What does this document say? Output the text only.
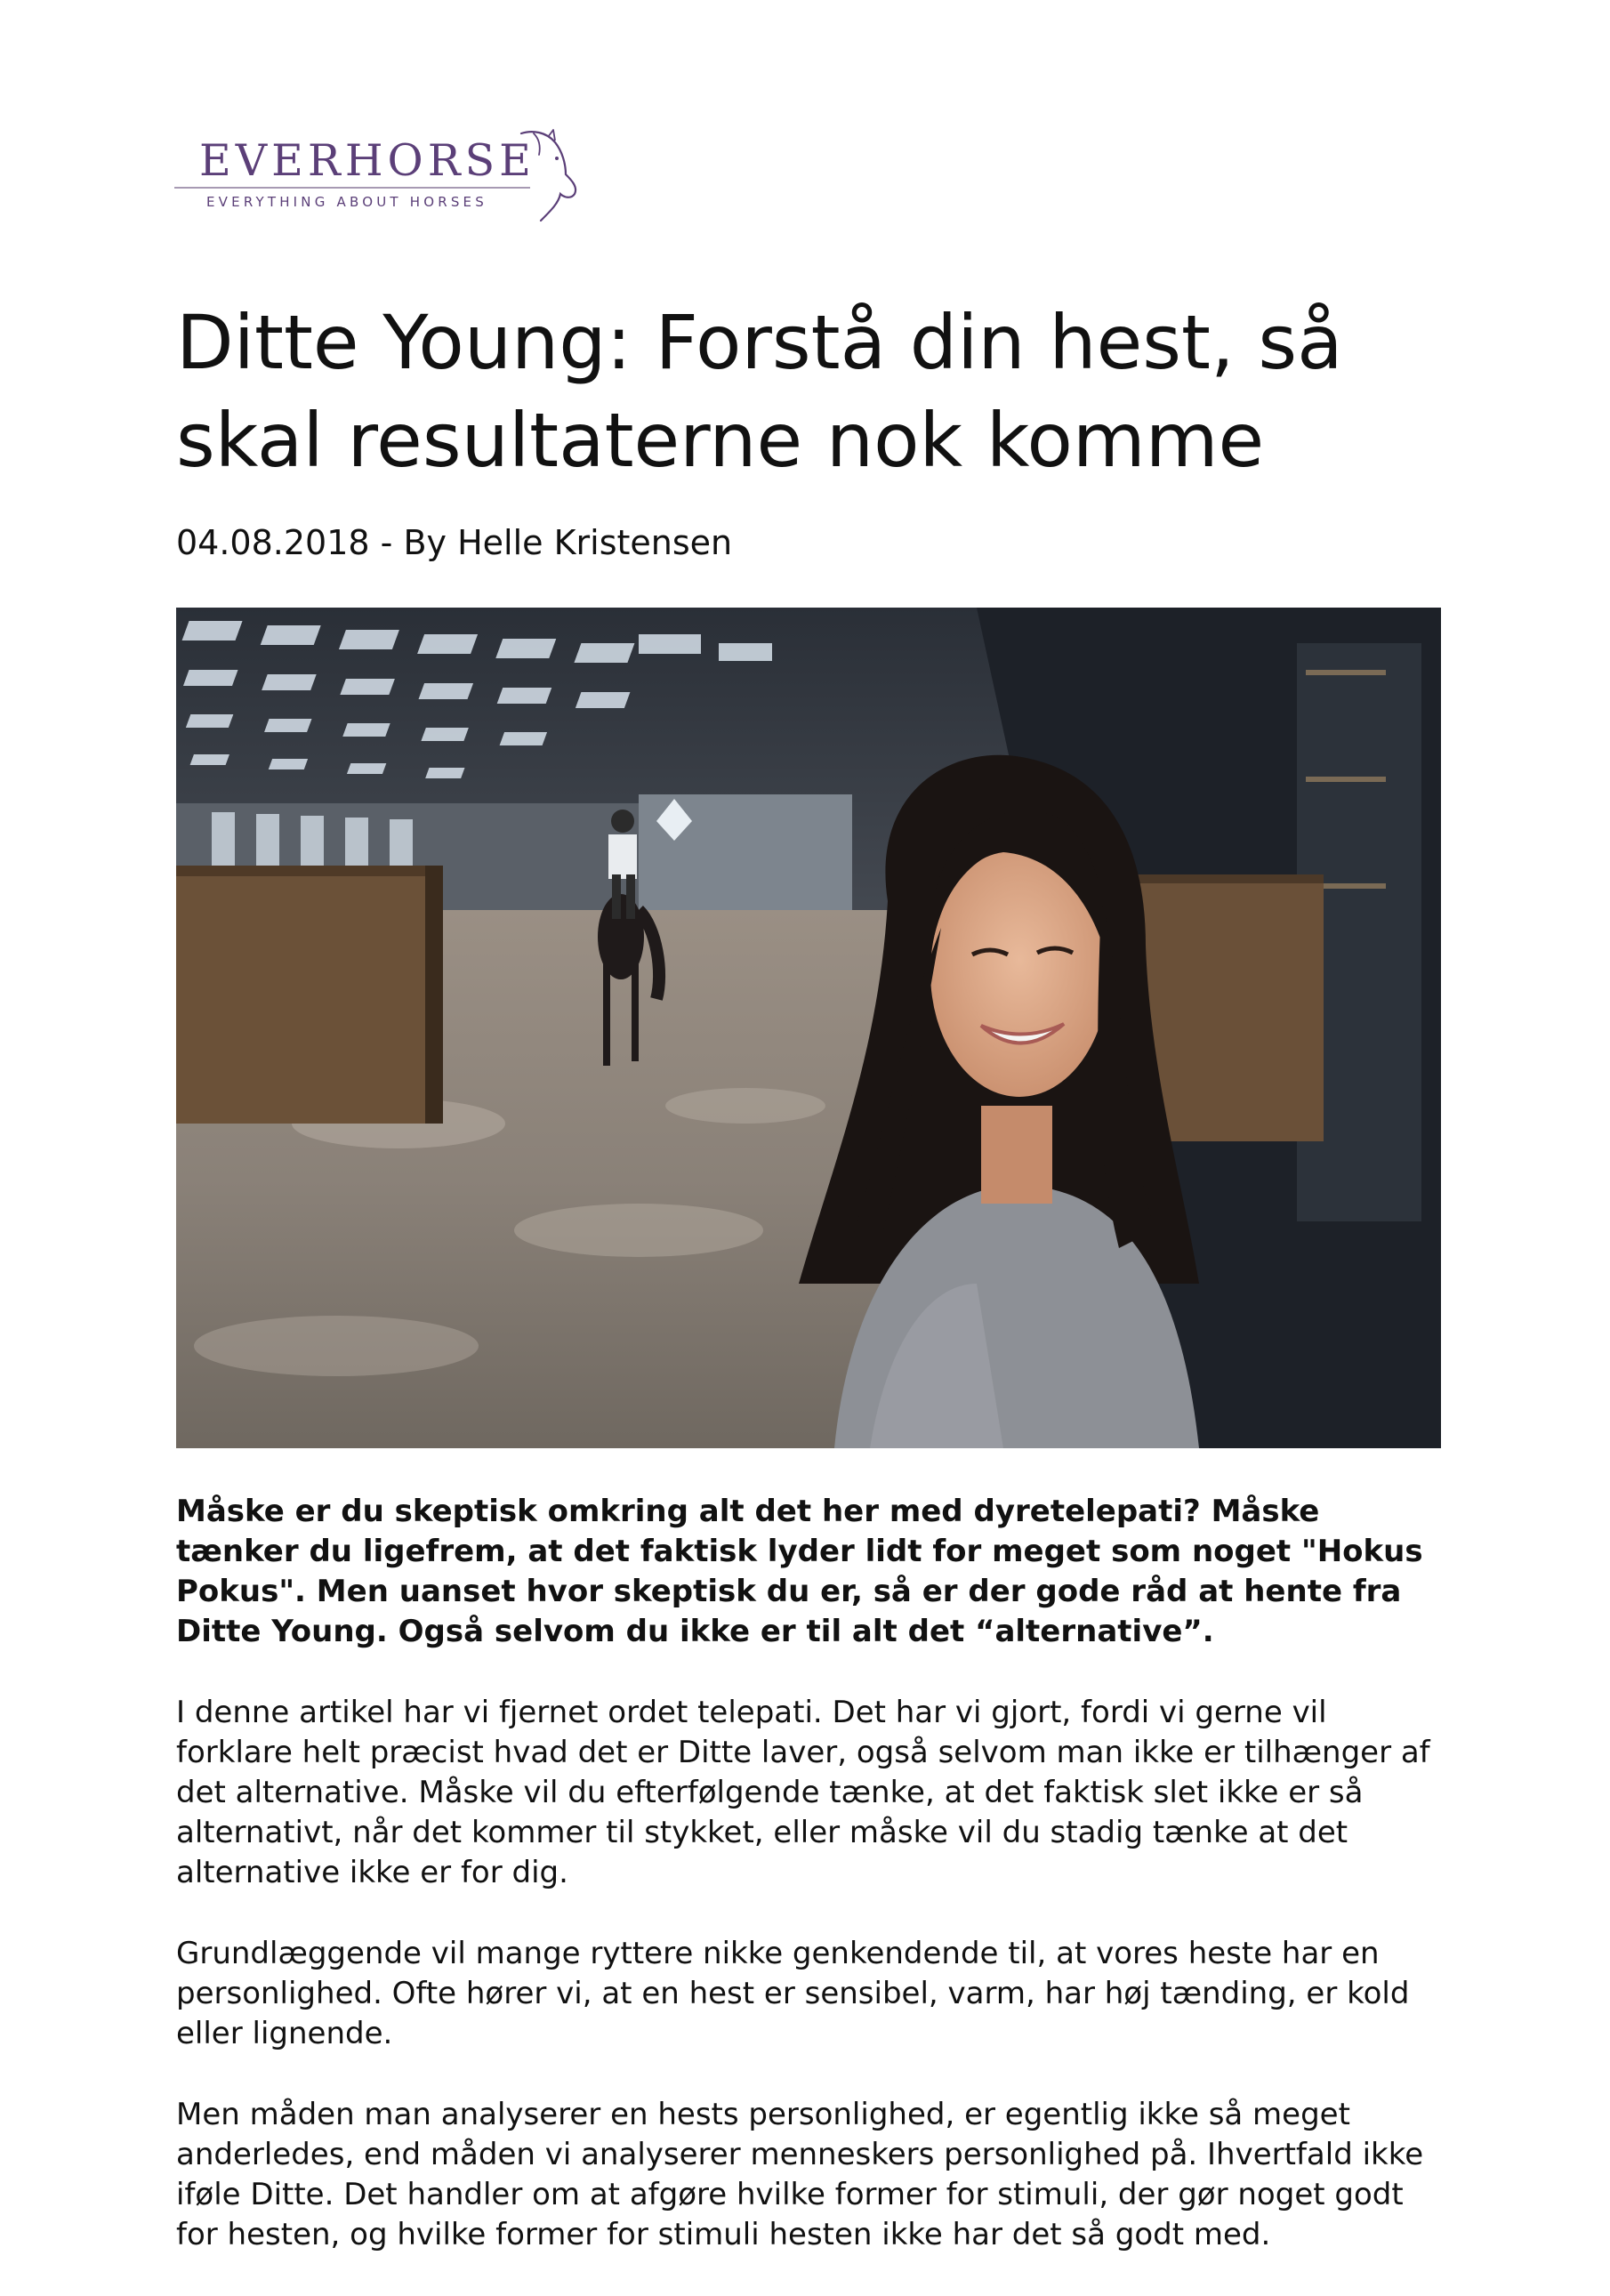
EVERHORSE
EVERYTHING ABOUT HORSES
Ditte Young: Forstå din hest, så skal resultaterne nok komme
04.08.2018 - By Helle Kristensen

Måske er du skeptisk omkring alt det her med dyretelepati? Måske tænker du ligefrem, at det faktisk lyder lidt for meget som noget "Hokus Pokus". Men uanset hvor skeptisk du er, så er der gode råd at hente fra Ditte Young. Også selvom du ikke er til alt det “alternative”.

I denne artikel har vi fjernet ordet telepati. Det har vi gjort, fordi vi gerne vil forklare helt præcist hvad det er Ditte laver, også selvom man ikke er tilhænger af det alternative. Måske vil du efterfølgende tænke, at det faktisk slet ikke er så alternativt, når det kommer til stykket, eller måske vil du stadig tænke at det alternative ikke er for dig.

Grundlæggende vil mange ryttere nikke genkendende til, at vores heste har en personlighed. Ofte hører vi, at en hest er sensibel, varm, har høj tænding, er kold eller lignende.

Men måden man analyserer en hests personlighed, er egentlig ikke så meget anderledes, end måden vi analyserer menneskers personlighed på. Ihvertfald ikke iføle Ditte. Det handler om at afgøre hvilke former for stimuli, der gør noget godt for hesten, og hvilke former for stimuli hesten ikke har det så godt med.
